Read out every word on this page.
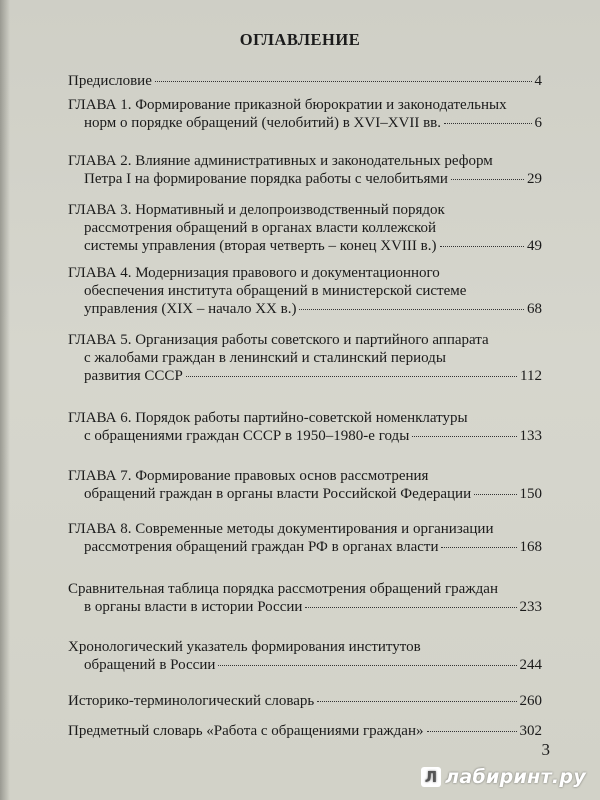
ОГЛАВЛЕНИЕ
Предисловие	4
ГЛАВА 1. Формирование приказной бюрократии и законодательных
норм о порядке обращений (челобитий) в XVI–XVII вв.	6
ГЛАВА 2. Влияние административных и законодательных реформ
Петра I на формирование порядка работы с челобитьями	29
ГЛАВА 3. Нормативный и делопроизводственный порядок
рассмотрения обращений в органах власти коллежской
системы управления (вторая четверть – конец XVIII в.)	49
ГЛАВА 4. Модернизация правового и документационного
обеспечения института обращений в министерской системе
управления (XIX – начало XX в.)	68
ГЛАВА 5. Организация работы советского и партийного аппарата
с жалобами граждан в ленинский и сталинский периоды
развития СССР	112
ГЛАВА 6. Порядок работы партийно-советской номенклатуры
с обращениями граждан СССР в 1950–1980-е годы	133
ГЛАВА 7. Формирование правовых основ рассмотрения
обращений граждан в органы власти Российской Федерации	150
ГЛАВА 8. Современные методы документирования и организации
рассмотрения обращений граждан РФ в органах власти	168
Сравнительная таблица порядка рассмотрения обращений граждан
в органы власти в истории России	233
Хронологический указатель формирования институтов
обращений в России	244
Историко-терминологический словарь	260
Предметный словарь «Работа с обращениями граждан»	302
3
Л лабиринт.ру
